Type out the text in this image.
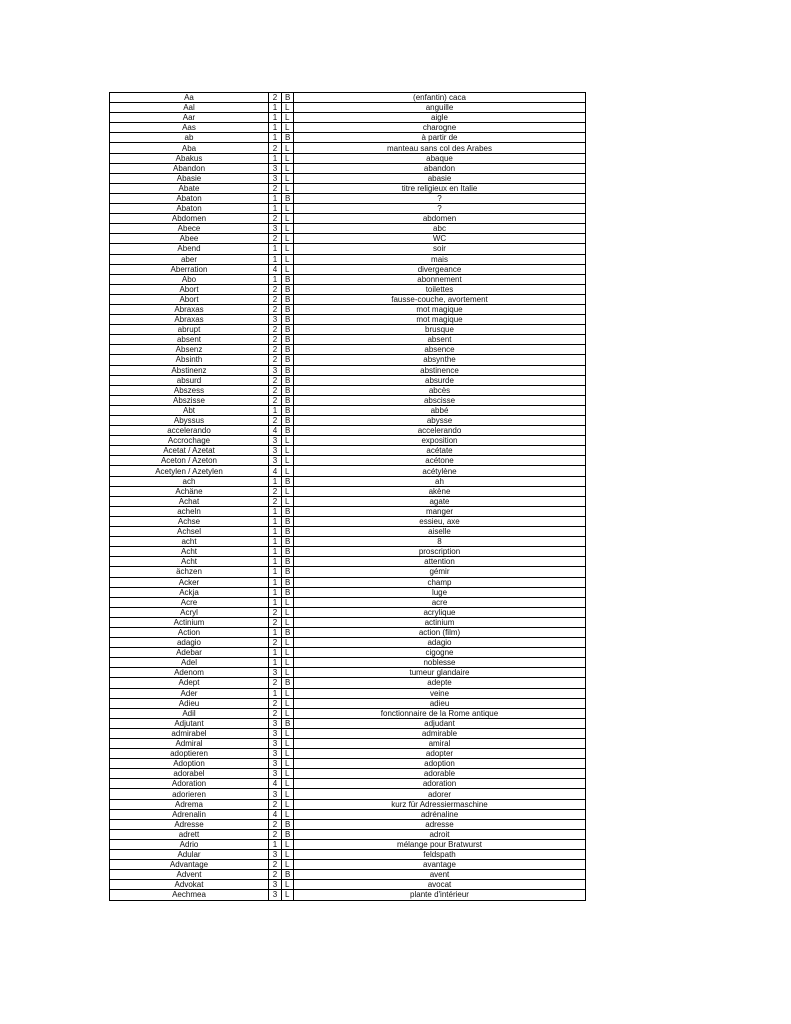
Aa	2	B	(enfantin) caca
Aal	1	L	anguille
Aar	1	L	aigle
Aas	1	L	charogne
ab	1	B	à partir de
Aba	2	L	manteau sans col des Arabes
Abakus	1	L	abaque
Abandon	3	L	abandon
Abasie	3	L	abasie
Abate	2	L	titre religieux en Italie
Abaton	1	B	?
Abaton	1	L	?
Abdomen	2	L	abdomen
Abece	3	L	abc
Abee	2	L	WC
Abend	1	L	soir
aber	1	L	mais
Aberration	4	L	divergeance
Abo	1	B	abonnement
Abort	2	B	toilettes
Abort	2	B	fausse-couche, avortement
Abraxas	2	B	mot magique
Abraxas	3	B	mot magique
abrupt	2	B	brusque
absent	2	B	absent
Absenz	2	B	absence
Absinth	2	B	absynthe
Abstinenz	3	B	abstinence
absurd	2	B	absurde
Abszess	2	B	abcès
Abszisse	2	B	abscisse
Abt	1	B	abbé
Abyssus	2	B	abysse
accelerando	4	B	accelerando
Accrochage	3	L	exposition
Acetat / Azetat	3	L	acétate
Aceton / Azeton	3	L	acétone
Acetylen / Azetylen	4	L	acétylène
ach	1	B	ah
Achäne	2	L	akène
Achat	2	L	agate
acheln	1	B	manger
Achse	1	B	essieu, axe
Achsel	1	B	aiselle
acht	1	B	8
Acht	1	B	proscription
Acht	1	B	attention
ächzen	1	B	gémir
Acker	1	B	champ
Ackja	1	B	luge
Acre	1	L	acre
Acryl	2	L	acrylique
Actinium	2	L	actinium
Action	1	B	action (film)
adagio	2	L	adagio
Adebar	1	L	cigogne
Adel	1	L	noblesse
Adenom	3	L	tumeur glandaire
Adept	2	B	adepte
Ader	1	L	veine
Adieu	2	L	adieu
Adil	2	L	fonctionnaire de la Rome antique
Adjutant	3	B	adjudant
admirabel	3	L	admirable
Admiral	3	L	amiral
adoptieren	3	L	adopter
Adoption	3	L	adoption
adorabel	3	L	adorable
Adoration	4	L	adoration
adorieren	3	L	adorer
Adrema	2	L	kurz für Adressiermaschine
Adrenalin	4	L	adrénaline
Adresse	2	B	adresse
adrett	2	B	adroit
Adrio	1	L	mélange pour Bratwurst
Adular	3	L	feldspath
Advantage	2	L	avantage
Advent	2	B	avent
Advokat	3	L	avocat
Aechmea	3	L	plante d'intérieur
